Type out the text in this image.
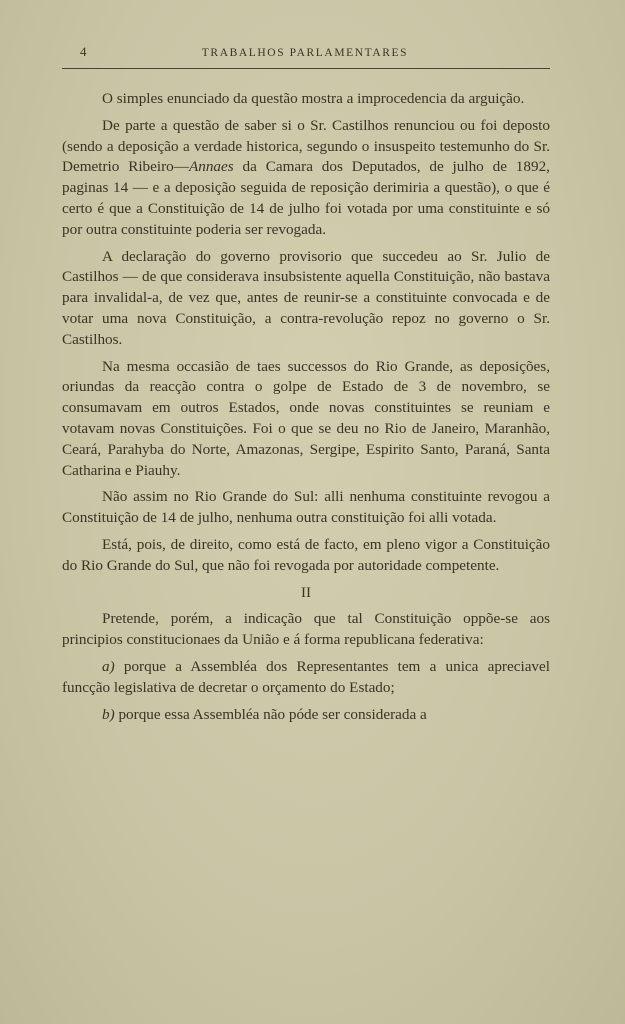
4	TRABALHOS PARLAMENTARES

O simples enunciado da questão mostra a improcedencia da arguição.

De parte a questão de saber si o Sr. Castilhos renunciou ou foi deposto (sendo a deposição a verdade historica, segundo o insuspeito testemunho do Sr. Demetrio Ribeiro—Annaes da Camara dos Deputados, de julho de 1892, paginas 14 — e a deposição seguida de reposição derimiria a questão), o que é certo é que a Constituição de 14 de julho foi votada por uma constituinte e só por outra constituinte poderia ser revogada.

A declaração do governo provisorio que succedeu ao Sr. Julio de Castilhos — de que considerava insubsistente aquella Constituição, não bastava para invalidal-a, de vez que, antes de reunir-se a constituinte convocada e de votar uma nova Constituição, a contra-revolução repoz no governo o Sr. Castilhos.

Na mesma occasião de taes successos do Rio Grande, as deposições, oriundas da reacção contra o golpe de Estado de 3 de novembro, se consumavam em outros Estados, onde novas constituintes se reuniam e votavam novas Constituições. Foi o que se deu no Rio de Janeiro, Maranhão, Ceará, Parahyba do Norte, Amazonas, Sergipe, Espirito Santo, Paraná, Santa Catharina e Piauhy.

Não assim no Rio Grande do Sul: alli nenhuma constituinte revogou a Constituição de 14 de julho, nenhuma outra constituição foi alli votada.

Está, pois, de direito, como está de facto, em pleno vigor a Constituição do Rio Grande do Sul, que não foi revogada por autoridade competente.

II

Pretende, porém, a indicação que tal Constituição oppõe-se aos principios constitucionaes da União e á forma republicana federativa:

a) porque a Assembléa dos Representantes tem a unica apreciavel funcção legislativa de decretar o orçamento do Estado;

b) porque essa Assembléa não póde ser considerada a
